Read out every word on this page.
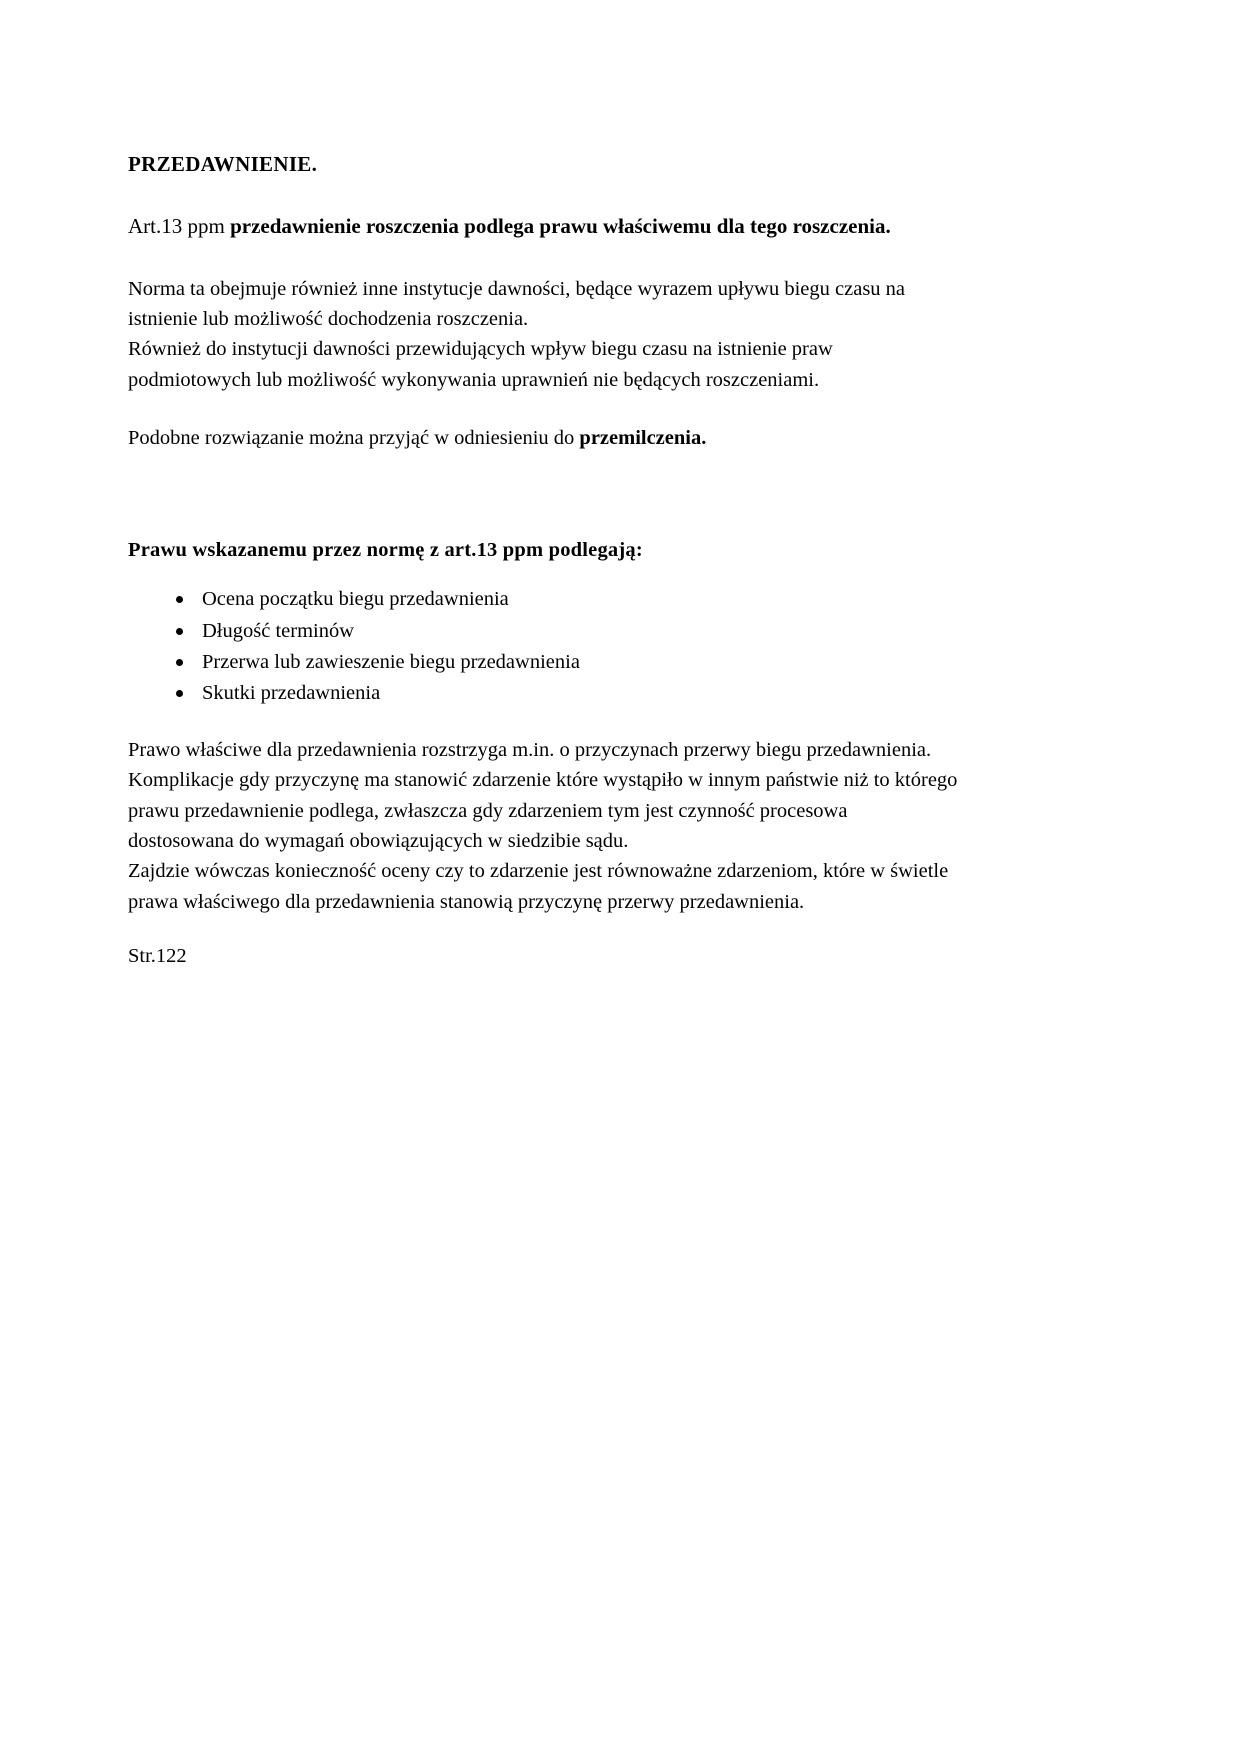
PRZEDAWNIENIE.

Art.13 ppm przedawnienie roszczenia podlega prawu właściwemu dla tego roszczenia.

Norma ta obejmuje również inne instytucje dawności, będące wyrazem upływu biegu czasu na istnienie lub możliwość dochodzenia roszczenia.

Również do instytucji dawności przewidujących wpływ biegu czasu na istnienie praw podmiotowych lub możliwość wykonywania uprawnień nie będących roszczeniami.

Podobne rozwiązanie można przyjąć w odniesieniu do przemilczenia.

Prawu wskazanemu przez normę z art.13 ppm podlegają:

Ocena początku biegu przedawnienia
Długość terminów
Przerwa lub zawieszenie biegu przedawnienia
Skutki przedawnienia

Prawo właściwe dla przedawnienia rozstrzyga m.in. o przyczynach przerwy biegu przedawnienia.

Komplikacje gdy przyczynę ma stanowić zdarzenie które wystąpiło w innym państwie niż to którego prawu przedawnienie podlega, zwłaszcza gdy zdarzeniem tym jest czynność procesowa dostosowana do wymagań obowiązujących w siedzibie sądu.

Zajdzie wówczas konieczność oceny czy to zdarzenie jest równoważne zdarzeniom, które w świetle prawa właściwego dla przedawnienia stanowią przyczynę przerwy przedawnienia.

Str.122
